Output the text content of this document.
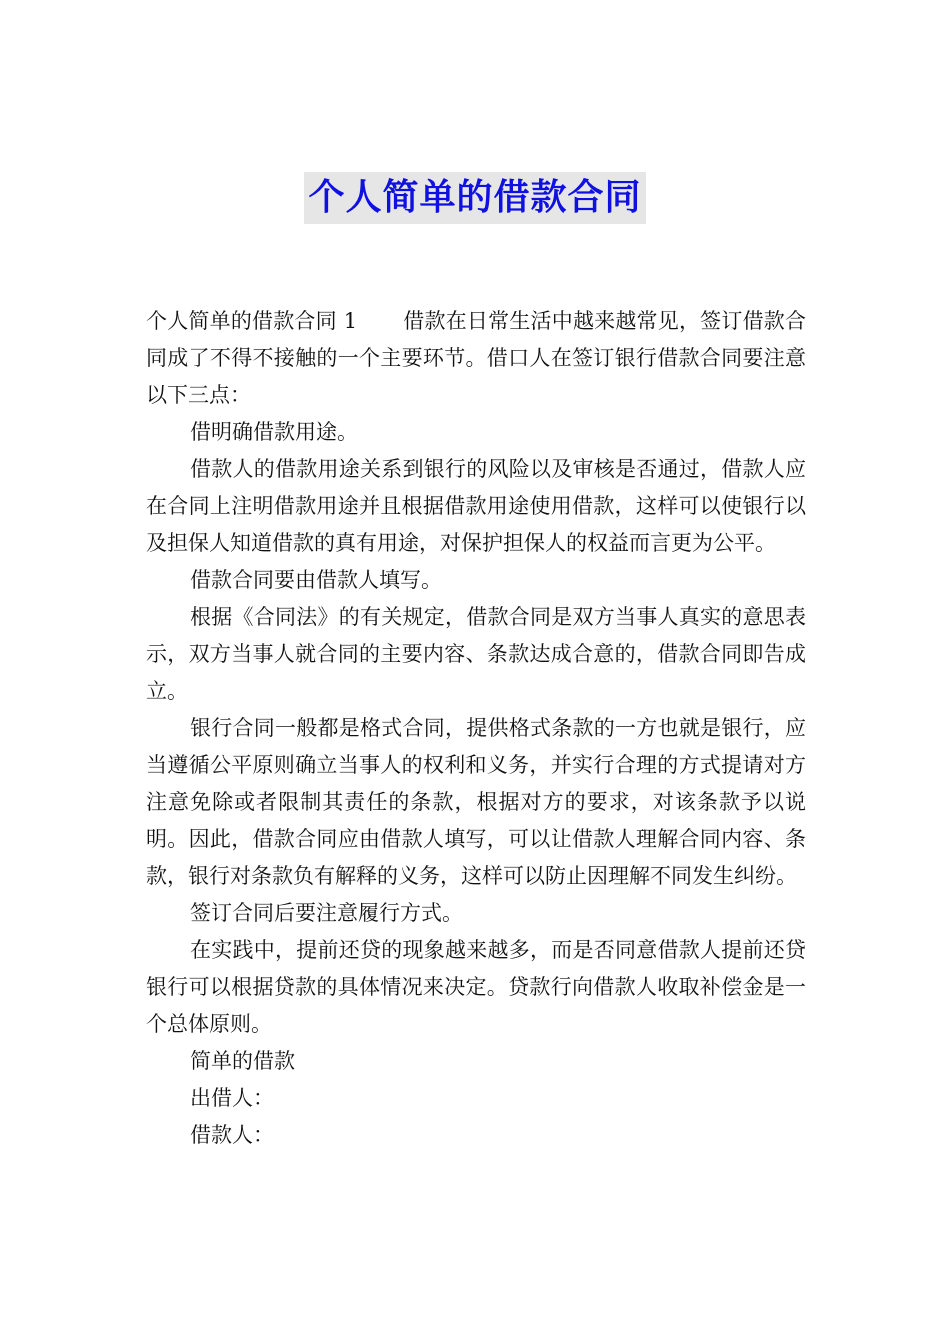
个人简单的借款合同

个人简单的借款合同 1 借款在日常生活中越来越常见，签订借款合同成了不得不接触的一个主要环节。借口人在签订银行借款合同要注意以下三点：

借明确借款用途。

借款人的借款用途关系到银行的风险以及审核是否通过，借款人应在合同上注明借款用途并且根据借款用途使用借款，这样可以使银行以及担保人知道借款的真有用途，对保护担保人的权益而言更为公平。

借款合同要由借款人填写。

根据《合同法》的有关规定，借款合同是双方当事人真实的意思表示，双方当事人就合同的主要内容、条款达成合意的，借款合同即告成立。

银行合同一般都是格式合同，提供格式条款的一方也就是银行，应当遵循公平原则确立当事人的权利和义务，并实行合理的方式提请对方注意免除或者限制其责任的条款，根据对方的要求，对该条款予以说明。因此，借款合同应由借款人填写，可以让借款人理解合同内容、条款，银行对条款负有解释的义务，这样可以防止因理解不同发生纠纷。

签订合同后要注意履行方式。

在实践中，提前还贷的现象越来越多，而是否同意借款人提前还贷银行可以根据贷款的具体情况来决定。贷款行向借款人收取补偿金是一个总体原则。

简单的借款

出借人：

借款人：
